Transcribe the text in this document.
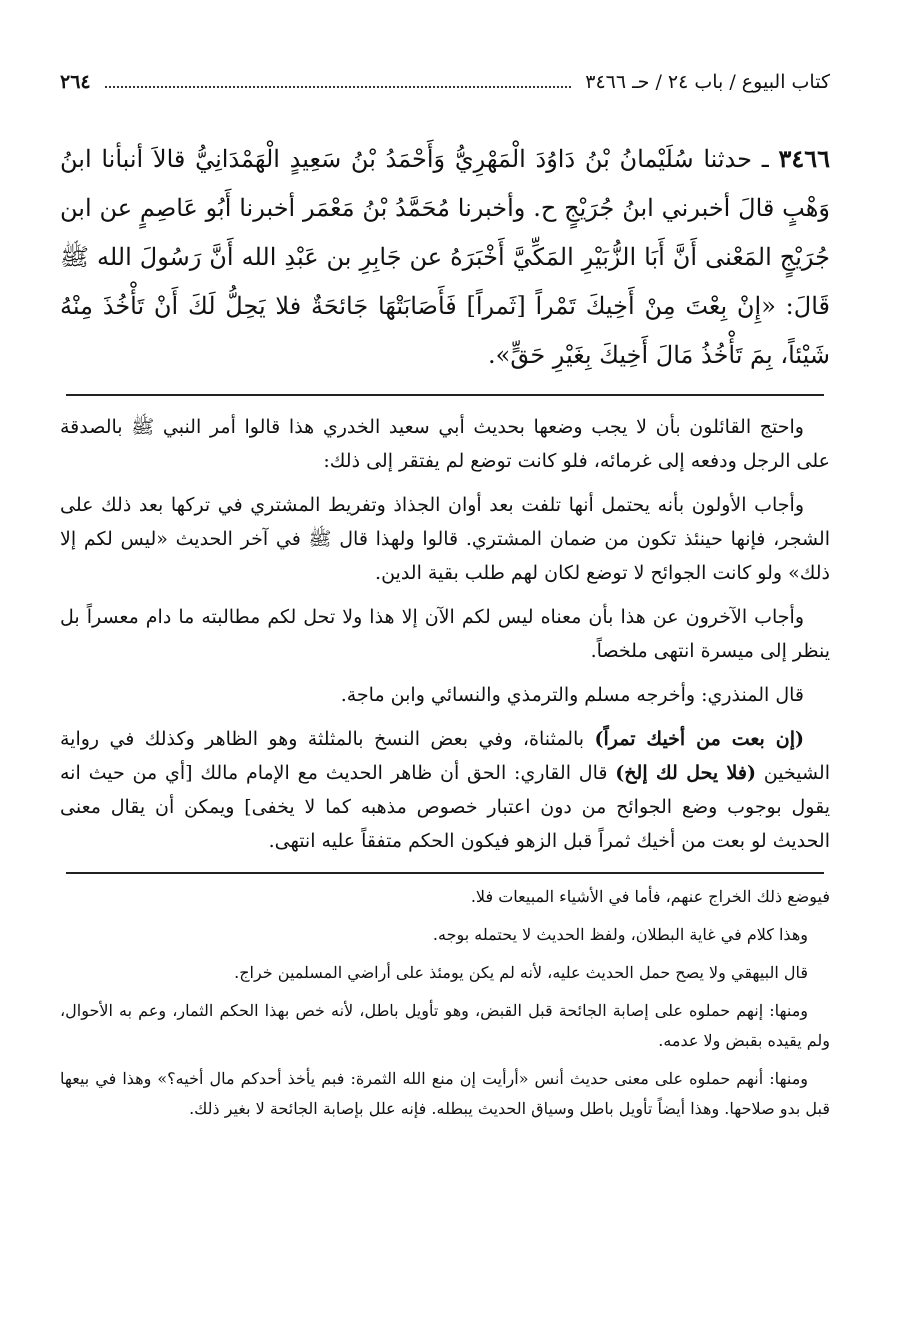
كتاب البيوع / باب ٢٤ / حـ ٣٤٦٦
٢٦٤

٣٤٦٦ ـ حدثنا سُلَيْمانُ بْنُ دَاوُدَ الْمَهْرِيُّ وَأَحْمَدُ بْنُ سَعِيدٍ الْهَمْدَانِيُّ قالاَ أنبأنا ابنُ وَهْبٍ قالَ أخبرني ابنُ جُرَيْجٍ ح. وأخبرنا مُحَمَّدُ بْنُ مَعْمَر أخبرنا أَبُو عَاصِمٍ عن ابن جُرَيْجٍ المَعْنى أَنَّ أَبَا الزُّبَيْرِ المَكِّيَّ أَخْبَرَهُ عن جَابِرِ بن عَبْدِ الله أَنَّ رَسُولَ الله ﷺ قَالَ: «إِنْ بِعْتَ مِنْ أَخِيكَ تَمْراً [ثَمراً] فَأَصَابَتْهَا جَائحَةٌ فلا يَحِلُّ لَكَ أَنْ تَأْخُذَ مِنْهُ شَيْئاً، بِمَ تَأْخُذُ مَالَ أَخِيكَ بِغَيْرِ حَقٍّ».

واحتج القائلون بأن لا يجب وضعها بحديث أبي سعيد الخدري هذا قالوا أمر النبي ﷺ بالصدقة على الرجل ودفعه إلى غرمائه، فلو كانت توضع لم يفتقر إلى ذلك:

وأجاب الأولون بأنه يحتمل أنها تلفت بعد أوان الجذاذ وتفريط المشتري في تركها بعد ذلك على الشجر، فإنها حينئذ تكون من ضمان المشتري. قالوا ولهذا قال ﷺ في آخر الحديث «ليس لكم إلا ذلك» ولو كانت الجوائح لا توضع لكان لهم طلب بقية الدين.

وأجاب الآخرون عن هذا بأن معناه ليس لكم الآن إلا هذا ولا تحل لكم مطالبته ما دام معسراً بل ينظر إلى ميسرة انتهى ملخصاً.

قال المنذري: وأخرجه مسلم والترمذي والنسائي وابن ماجة.

(إن بعت من أخيك تمراً) بالمثناة، وفي بعض النسخ بالمثلثة وهو الظاهر وكذلك في رواية الشيخين (فلا يحل لك إلخ) قال القاري: الحق أن ظاهر الحديث مع الإمام مالك [أي من حيث انه يقول بوجوب وضع الجوائح من دون اعتبار خصوص مذهبه كما لا يخفى] ويمكن أن يقال معنى الحديث لو بعت من أخيك ثمراً قبل الزهو فيكون الحكم متفقاً عليه انتهى.

فيوضع ذلك الخراج عنهم، فأما في الأشياء المبيعات فلا.

وهذا كلام في غاية البطلان، ولفظ الحديث لا يحتمله بوجه.

قال البيهقي ولا يصح حمل الحديث عليه، لأنه لم يكن يومئذ على أراضي المسلمين خراج.

ومنها: إنهم حملوه على إصابة الجائحة قبل القبض، وهو تأويل باطل، لأنه خص بهذا الحكم الثمار، وعم به الأحوال، ولم يقيده بقبض ولا عدمه.

ومنها: أنهم حملوه على معنى حديث أنس «أرأيت إن منع الله الثمرة: فبم يأخذ أحدكم مال أخيه؟» وهذا في بيعها قبل بدو صلاحها. وهذا أيضاً تأويل باطل وسياق الحديث يبطله. فإنه علل بإصابة الجائحة لا بغير ذلك.
